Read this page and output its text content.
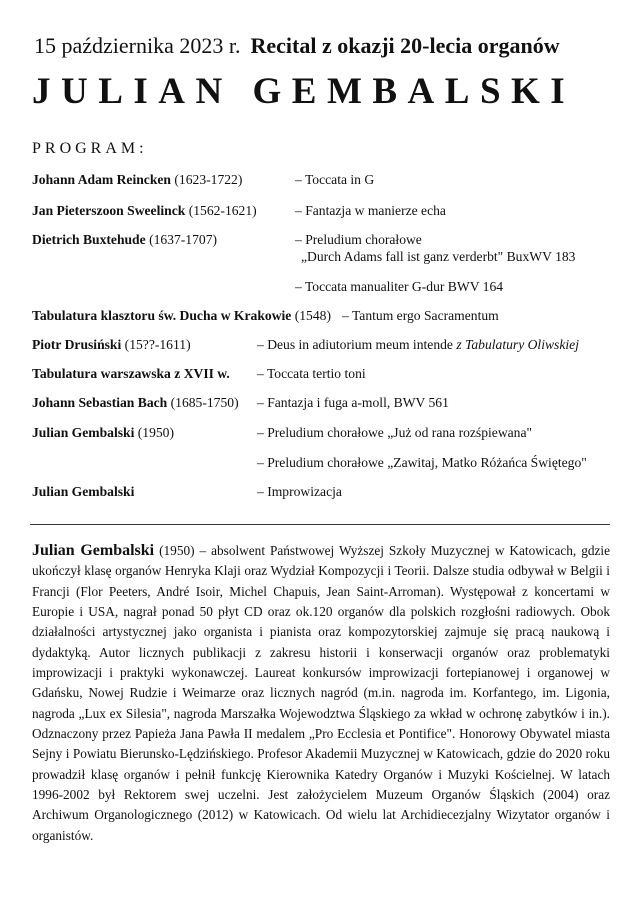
15 października 2023 r. Recital z okazji 20-lecia organów
JULIAN GEMBALSKI
PROGRAM:
Johann Adam Reincken (1623-1722)	– Toccata in G
Jan Pieterszoon Sweelinck (1562-1621)	– Fantazja w manierze echa
Dietrich Buxtehude (1637-1707)	– Preludium chorałowe
„Durch Adams fall ist ganz verderbt" BuxWV 183
– Toccata manualiter G-dur BWV 164
Tabulatura klasztoru św. Ducha w Krakowie (1548) – Tantum ergo Sacramentum
Piotr Drusiński (15??-1611)	– Deus in adiutorium meum intende z Tabulatury Oliwskiej
Tabulatura warszawska z XVII w. – Toccata tertio toni
Johann Sebastian Bach (1685-1750) – Fantazja i fuga a-moll, BWV 561
Julian Gembalski (1950)	– Preludium chorałowe „Już od rana rozśpiewana"
– Preludium chorałowe „Zawitaj, Matko Różańca Świętego"
Julian Gembalski	– Improwizacja
Julian Gembalski (1950) – absolwent Państwowej Wyższej Szkoły Muzycznej w Katowicach, gdzie ukończył klasę organów Henryka Klaji oraz Wydział Kompozycji i Teorii. Dalsze studia odbywał w Belgii i Francji (Flor Peeters, André Isoir, Michel Chapuis, Jean Saint-Arroman). Występował z koncertami w Europie i USA, nagrał ponad 50 płyt CD oraz ok.120 organów dla polskich rozgłośni radiowych. Obok działalności artystycznej jako organista i pianista oraz kompozytorskiej zajmuje się pracą naukową i dydaktyką. Autor licznych publikacji z zakresu historii i konserwacji organów oraz problematyki improwizacji i praktyki wykonawczej. Laureat konkursów improwizacji fortepianowej i organowej w Gdańsku, Nowej Rudzie i Weimarze oraz licznych nagród (m.in. nagroda im. Korfantego, im. Ligonia, nagroda „Lux ex Silesia", nagroda Marszałka Wojewodztwa Śląskiego za wkład w ochronę zabytków i in.). Odznaczony przez Papieża Jana Pawła II medalem „Pro Ecclesia et Pontifice". Honorowy Obywatel miasta Sejny i Powiatu Bierunsko-Lędzińskiego. Profesor Akademii Muzycznej w Katowicach, gdzie do 2020 roku prowadził klasę organów i pełnił funkcję Kierownika Katedry Organów i Muzyki Kościelnej. W latach 1996-2002 był Rektorem swej uczelni. Jest założycielem Muzeum Organów Śląskich (2004) oraz Archiwum Organologicznego (2012) w Katowicach. Od wielu lat Archidiecezjalny Wizytator organów i organistów.
